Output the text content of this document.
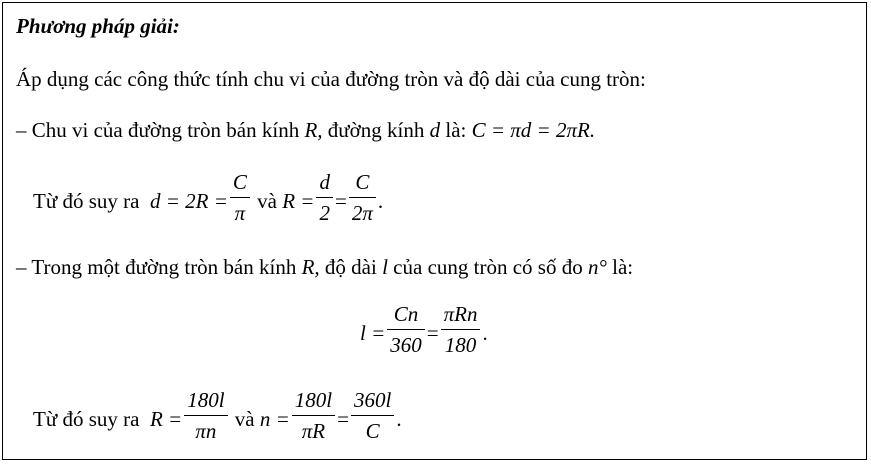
Phương pháp giải:
Áp dụng các công thức tính chu vi của đường tròn và độ dài của cung tròn:
– Chu vi của đường tròn bán kính R, đường kính d là: C = πd = 2πR.
Từ đó suy ra
$d = 2R = \frac{C}{\pi}$
và
$R = \frac{d}{2} = \frac{C}{2\pi}$ .
– Trong một đường tròn bán kính R, độ dài l của cung tròn có số đo n° là:
$l = \frac{Cn}{360} = \frac{\text{πRn}}{180}$ .
Từ đó suy ra
$R = \frac{180l}{\pi n}$
và
$n = \frac{180l}{\pi R} = \frac{360l}{C}$ .
